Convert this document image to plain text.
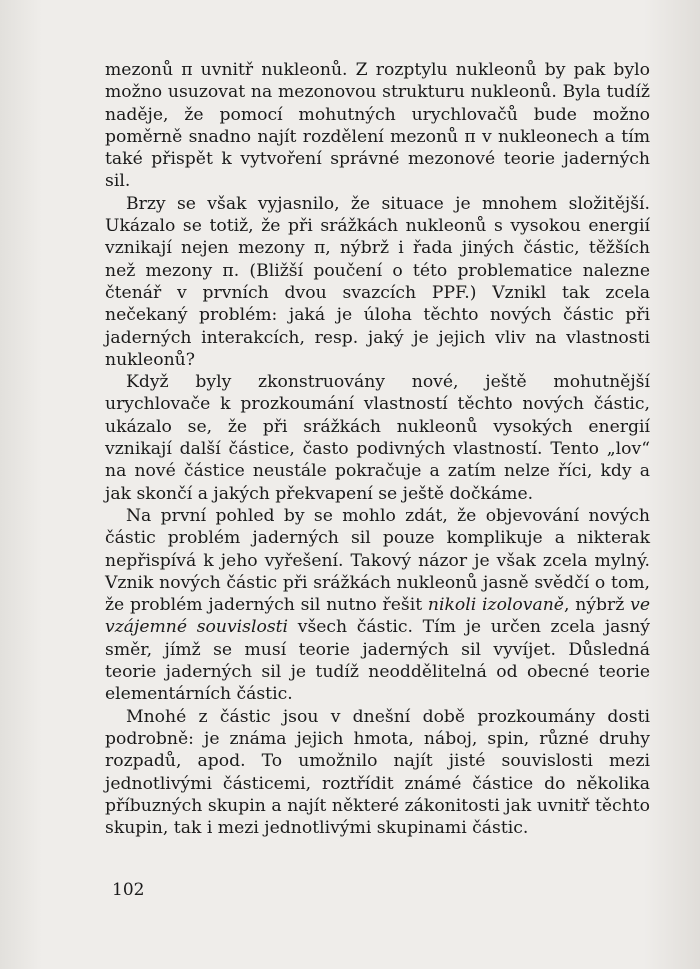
mezonů π uvnitř nukleonů. Z rozptylu nukleonů by pak bylo možno usuzovat na mezonovou strukturu nukleonů. Byla tudíž naděje, že pomocí mohutných urychlovačů bude možno poměrně snadno najít rozdělení mezonů π v nukleonech a tím také přispět k vytvoření správné mezonové teorie jaderných sil.

Brzy se však vyjasnilo, že situace je mnohem složitější. Ukázalo se totiž, že při srážkách nukleonů s vysokou energií vznikají nejen mezony π, nýbrž i řada jiných částic, těžších než mezony π. (Bližší poučení o této problematice nalezne čtenář v prvních dvou svazcích PPF.) Vznikl tak zcela nečekaný problém: jaká je úloha těchto nových částic při jaderných interakcích, resp. jaký je jejich vliv na vlastnosti nukleonů?

Když byly zkonstruovány nové, ještě mohutnější urychlovače k prozkoumání vlastností těchto nových částic, ukázalo se, že při srážkách nukleonů vysokých energií vznikají další částice, často podivných vlastností. Tento „lov“ na nové částice neustále pokračuje a zatím nelze říci, kdy a jak skončí a jakých překvapení se ještě dočkáme.

Na první pohled by se mohlo zdát, že objevování nových částic problém jaderných sil pouze komplikuje a nikterak nepřispívá k jeho vyřešení. Takový názor je však zcela mylný. Vznik nových částic při srážkách nukleonů jasně svědčí o tom, že problém jaderných sil nutno řešit nikoli izolovaně, nýbrž ve vzájemné souvislosti všech částic. Tím je určen zcela jasný směr, jímž se musí teorie jaderných sil vyvíjet. Důsledná teorie jaderných sil je tudíž neoddělitelná od obecné teorie elementárních částic.

Mnohé z částic jsou v dnešní době prozkoumány dosti podrobně: je známa jejich hmota, náboj, spin, různé druhy rozpadů, apod. To umožnilo najít jisté souvislosti mezi jednotlivými částicemi, roztřídit známé částice do několika příbuzných skupin a najít některé zákonitosti jak uvnitř těchto skupin, tak i mezi jednotlivými skupinami částic.

102
